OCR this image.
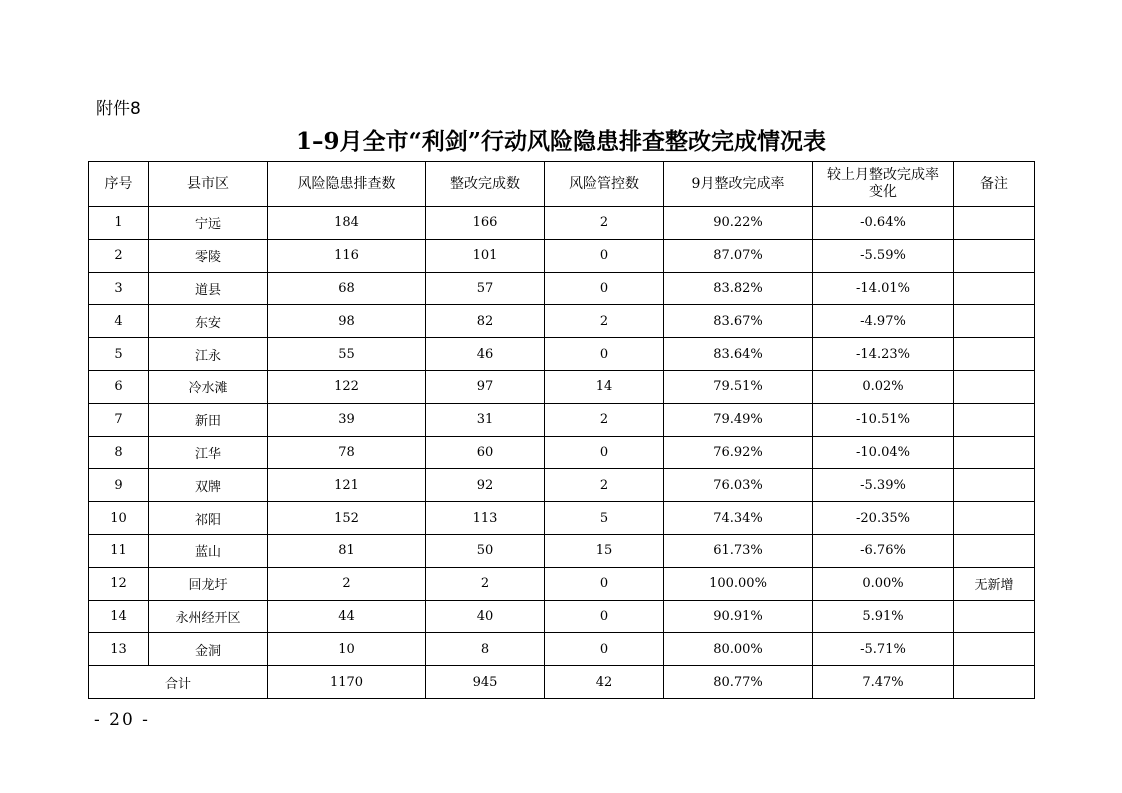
附件8
1–9月全市“利剑”行动风险隐患排查整改完成情况表
序号	县市区	风险隐患排查数	整改完成数	风险管控数	9月整改完成率	较上月整改完成率变化	备注
1	宁远	184	166	2	90.22%	-0.64%	
2	零陵	116	101	0	87.07%	-5.59%	
3	道县	68	57	0	83.82%	-14.01%	
4	东安	98	82	2	83.67%	-4.97%	
5	江永	55	46	0	83.64%	-14.23%	
6	冷水滩	122	97	14	79.51%	0.02%	
7	新田	39	31	2	79.49%	-10.51%	
8	江华	78	60	0	76.92%	-10.04%	
9	双牌	121	92	2	76.03%	-5.39%	
10	祁阳	152	113	5	74.34%	-20.35%	
11	蓝山	81	50	15	61.73%	-6.76%	
12	回龙圩	2	2	0	100.00%	0.00%	无新增
14	永州经开区	44	40	0	90.91%	5.91%	
13	金洞	10	8	0	80.00%	-5.71%	
合计		1170	945	42	80.77%	7.47%	
- 20 -
